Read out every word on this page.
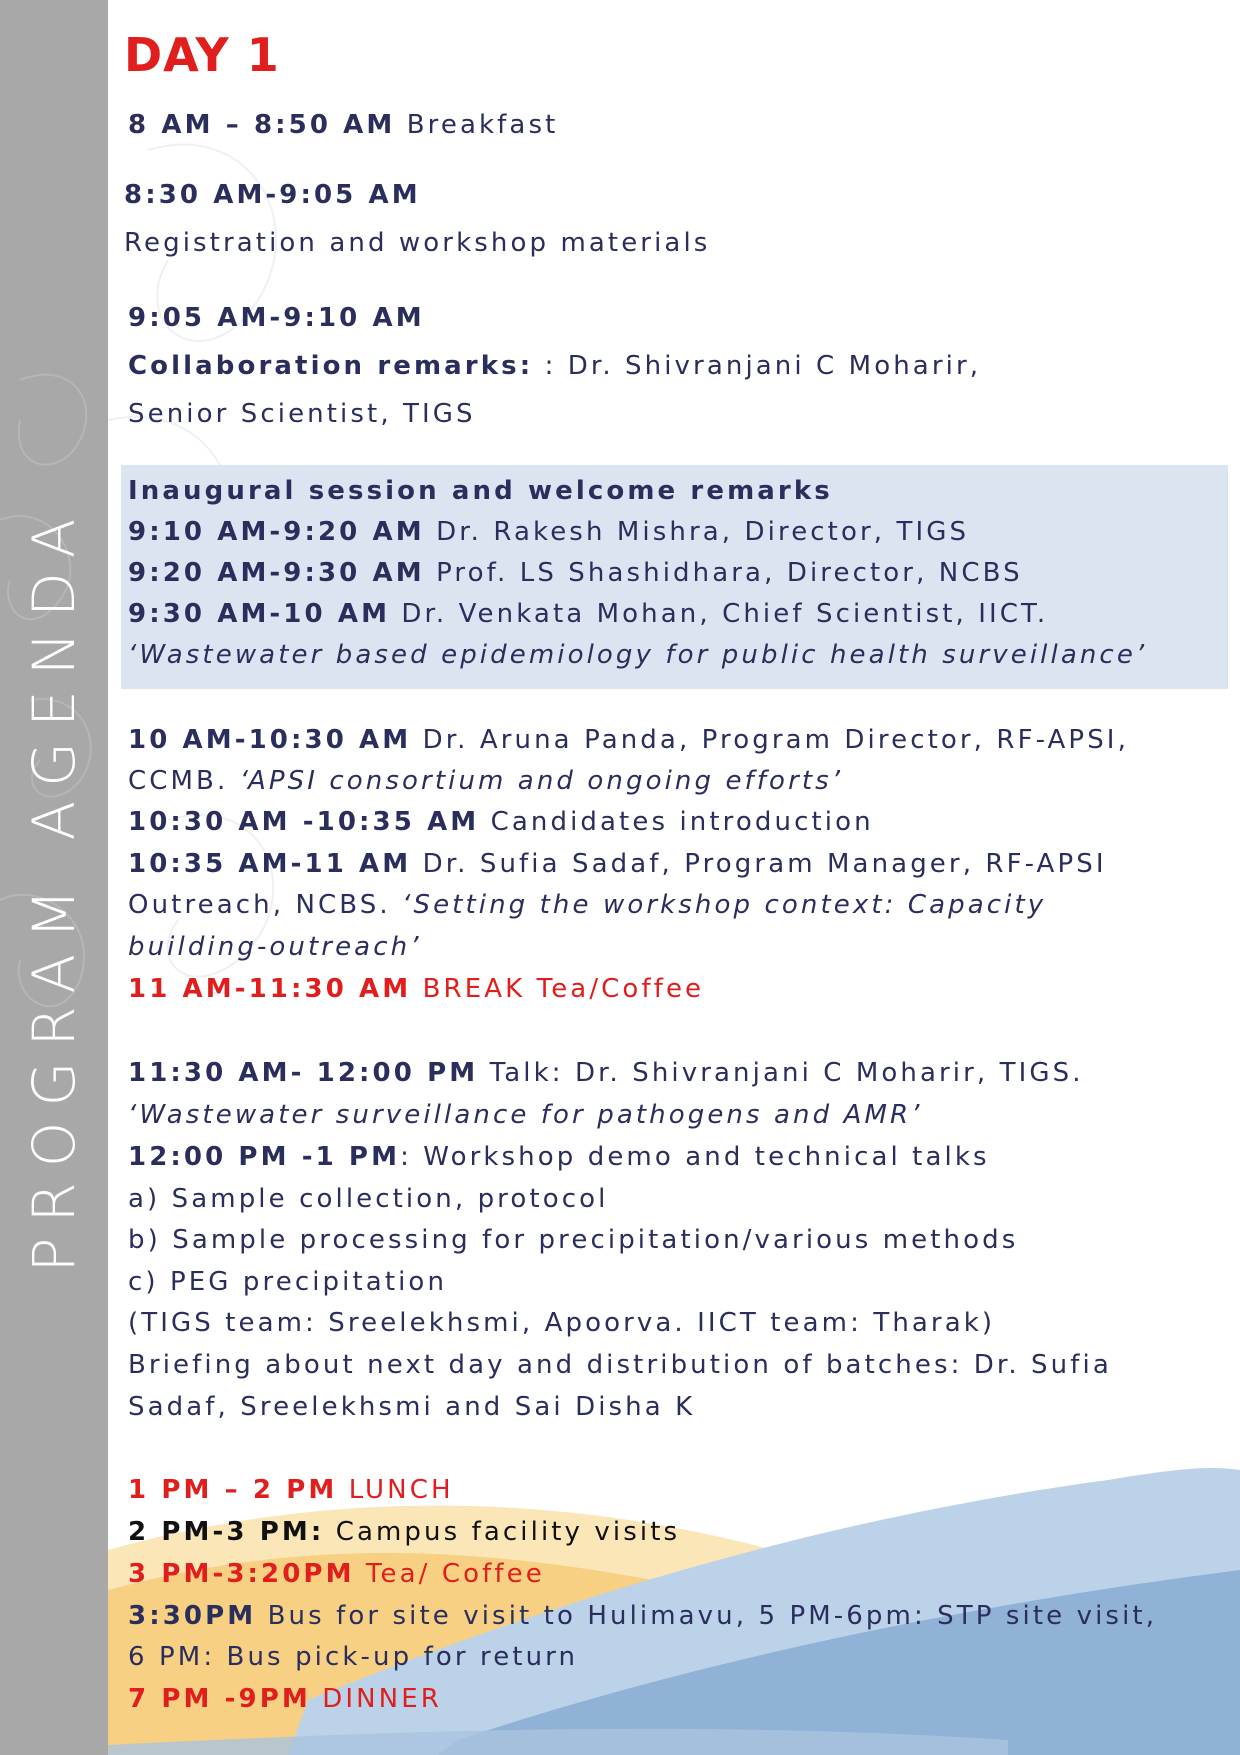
PROGRAM AGENDA
DAY 1
8 AM – 8:50 AM Breakfast
8:30 AM-9:05 AM
Registration and workshop materials
9:05 AM-9:10 AM
Collaboration remarks: : Dr. Shivranjani C Moharir,
Senior Scientist, TIGS
Inaugural session and welcome remarks
9:10 AM-9:20 AM Dr. Rakesh Mishra, Director, TIGS
9:20 AM-9:30 AM Prof. LS Shashidhara, Director, NCBS
9:30 AM-10 AM Dr. Venkata Mohan, Chief Scientist, IICT.
‘Wastewater based epidemiology for public health surveillance’
10 AM-10:30 AM Dr. Aruna Panda, Program Director, RF-APSI,
CCMB. ‘APSI consortium and ongoing efforts’
10:30 AM -10:35 AM Candidates introduction
10:35 AM-11 AM Dr. Sufia Sadaf, Program Manager, RF-APSI
Outreach, NCBS. ‘Setting the workshop context: Capacity
building-outreach’
11 AM-11:30 AM BREAK Tea/Coffee
11:30 AM- 12:00 PM Talk: Dr. Shivranjani C Moharir, TIGS.
‘Wastewater surveillance for pathogens and AMR’
12:00 PM -1 PM: Workshop demo and technical talks
a) Sample collection, protocol
b) Sample processing for precipitation/various methods
c) PEG precipitation
(TIGS team: Sreelekhsmi, Apoorva. IICT team: Tharak)
Briefing about next day and distribution of batches: Dr. Sufia
Sadaf, Sreelekhsmi and Sai Disha K
1 PM – 2 PM LUNCH
2 PM-3 PM: Campus facility visits
3 PM-3:20PM Tea/ Coffee
3:30PM Bus for site visit to Hulimavu, 5 PM-6pm: STP site visit,
6 PM: Bus pick-up for return
7 PM -9PM DINNER
